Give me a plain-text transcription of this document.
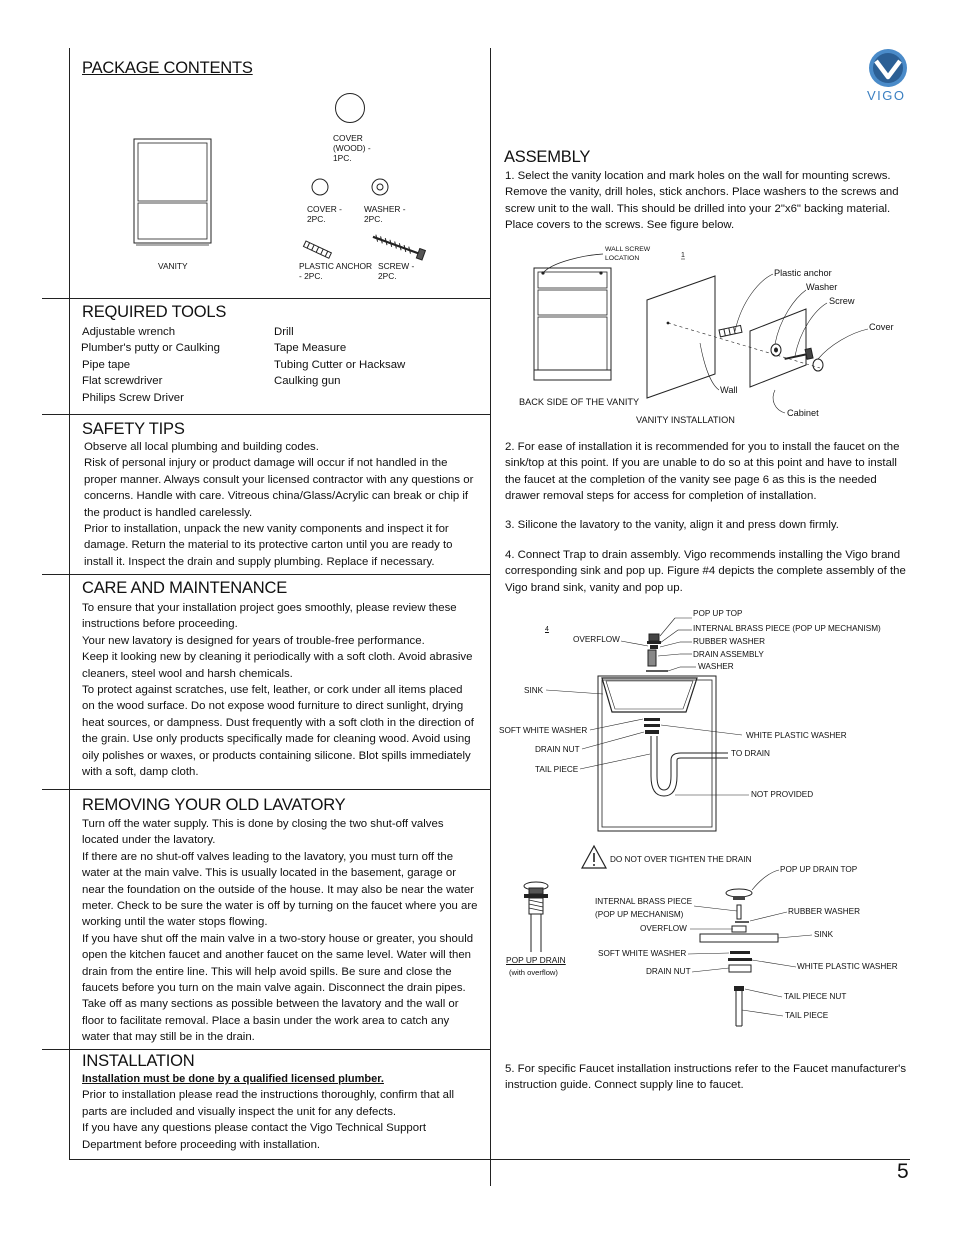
VIGO
PACKAGE CONTENTS
COVER
(WOOD) -
1PC.
VANITY
COVER -
2PC.
WASHER -
2PC.
PLASTIC ANCHOR
- 2PC.
SCREW -
2PC.
REQUIRED TOOLS
Adjustable wrench
Plumber's putty or Caulking
Pipe tape
Flat screwdriver
Philips Screw Driver
Drill
Tape Measure
Tubing Cutter or Hacksaw
Caulking gun
SAFETY TIPS

Observe all local plumbing and building codes.

Risk of personal injury or product damage will occur if not handled in the proper manner. Always consult your licensed contractor with any questions or concerns. Handle with care. Vitreous china/Glass/Acrylic can break or chip if the product is handled carelessly.

Prior to installation, unpack the new vanity components and inspect it for damage. Return the material to its protective carton until you are ready to install it. Inspect the drain and supply plumbing. Replace if necessary.

CARE AND MAINTENANCE

To ensure that your installation project goes smoothly, please review these instructions before proceeding.

Your new lavatory is designed for years of trouble-free performance.

Keep it looking new by cleaning it periodically with a soft cloth. Avoid abrasive cleaners, steel wool and harsh chemicals.

To protect against scratches, use felt, leather, or cork under all items placed on the wood surface. Do not expose wood furniture to direct sunlight, drying heat sources, or dampness. Dust frequently with a soft cloth in the direction of the grain. Use only products specifically made for cleaning wood. Avoid using oily polishes or waxes, or products containing silicone. Blot spills immediately with a soft, damp cloth.

REMOVING YOUR OLD LAVATORY

Turn off the water supply. This is done by closing the two shut-off valves located under the lavatory.

If there are no shut-off valves leading to the lavatory, you must turn off the water at the main valve. This is usually located in the basement, garage or near the foundation on the outside of the house. It may also be near the water meter. Check to be sure the water is off by turning on the faucet where you are working until the water stops flowing.

If you have shut off the main valve in a two-story house or greater, you should open the kitchen faucet and another faucet on the same level. Water will then drain from the entire line. This will help avoid spills. Be sure and close the faucets before you turn on the main valve again. Disconnect the drain pipes.

Take off as many sections as possible between the lavatory and the wall or floor to facilitate removal. Place a basin under the work area to catch any water that may still be in the drain.

INSTALLATION

Installation must be done by a qualified licensed plumber.

Prior to installation please read the instructions thoroughly, confirm that all parts are included and visually inspect the unit for any defects.

If you have any questions please contact the Vigo Technical Support Department before proceeding with installation.

ASSEMBLY
1. Select the vanity location and mark holes on the wall for mounting screws. Remove the vanity, drill holes, stick anchors. Place washers to the screws and screw unit to the wall. This should be drilled into your 2"x6" backing material. Place covers to the screws. See figure below.
WALL SCREW
LOCATION	1
BACK SIDE OF THE VANITY
VANITY INSTALLATION
Plastic anchor
Washer
Screw
Cover
Wall
Cabinet
2. For ease of installation it is recommended for you to install the faucet on the sink/top at this point. If you are unable to do so at this point and have to install the faucet at the completion of the vanity see page 6 as this is the needed drawer removal steps for access for completion of installation.
3. Silicone the lavatory to the vanity, align it and press down firmly.
4. Connect Trap to drain assembly. Vigo recommends installing the Vigo brand corresponding sink and pop up. Figure #4 depicts the complete assembly of the Vigo brand sink, vanity and pop up.
4
POP UP TOP
INTERNAL BRASS PIECE (POP UP MECHANISM)
OVERFLOW	RUBBER WASHER
DRAIN ASSEMBLY
WASHER
SINK
SOFT WHITE WASHER
WHITE PLASTIC WASHER
DRAIN NUT	TO DRAIN
TAIL PIECE
NOT PROVIDED
DO NOT OVER TIGHTEN THE DRAIN
POP UP DRAIN TOP
INTERNAL BRASS PIECE
(POP UP MECHANISM)	RUBBER WASHER
OVERFLOW
SINK
SOFT WHITE WASHER
WHITE PLASTIC WASHER
DRAIN NUT
TAIL PIECE NUT
TAIL PIECE
POP UP DRAIN
(with overflow)
5. For specific Faucet installation instructions refer to the Faucet manufacturer's instruction guide. Connect supply line to faucet.
5
